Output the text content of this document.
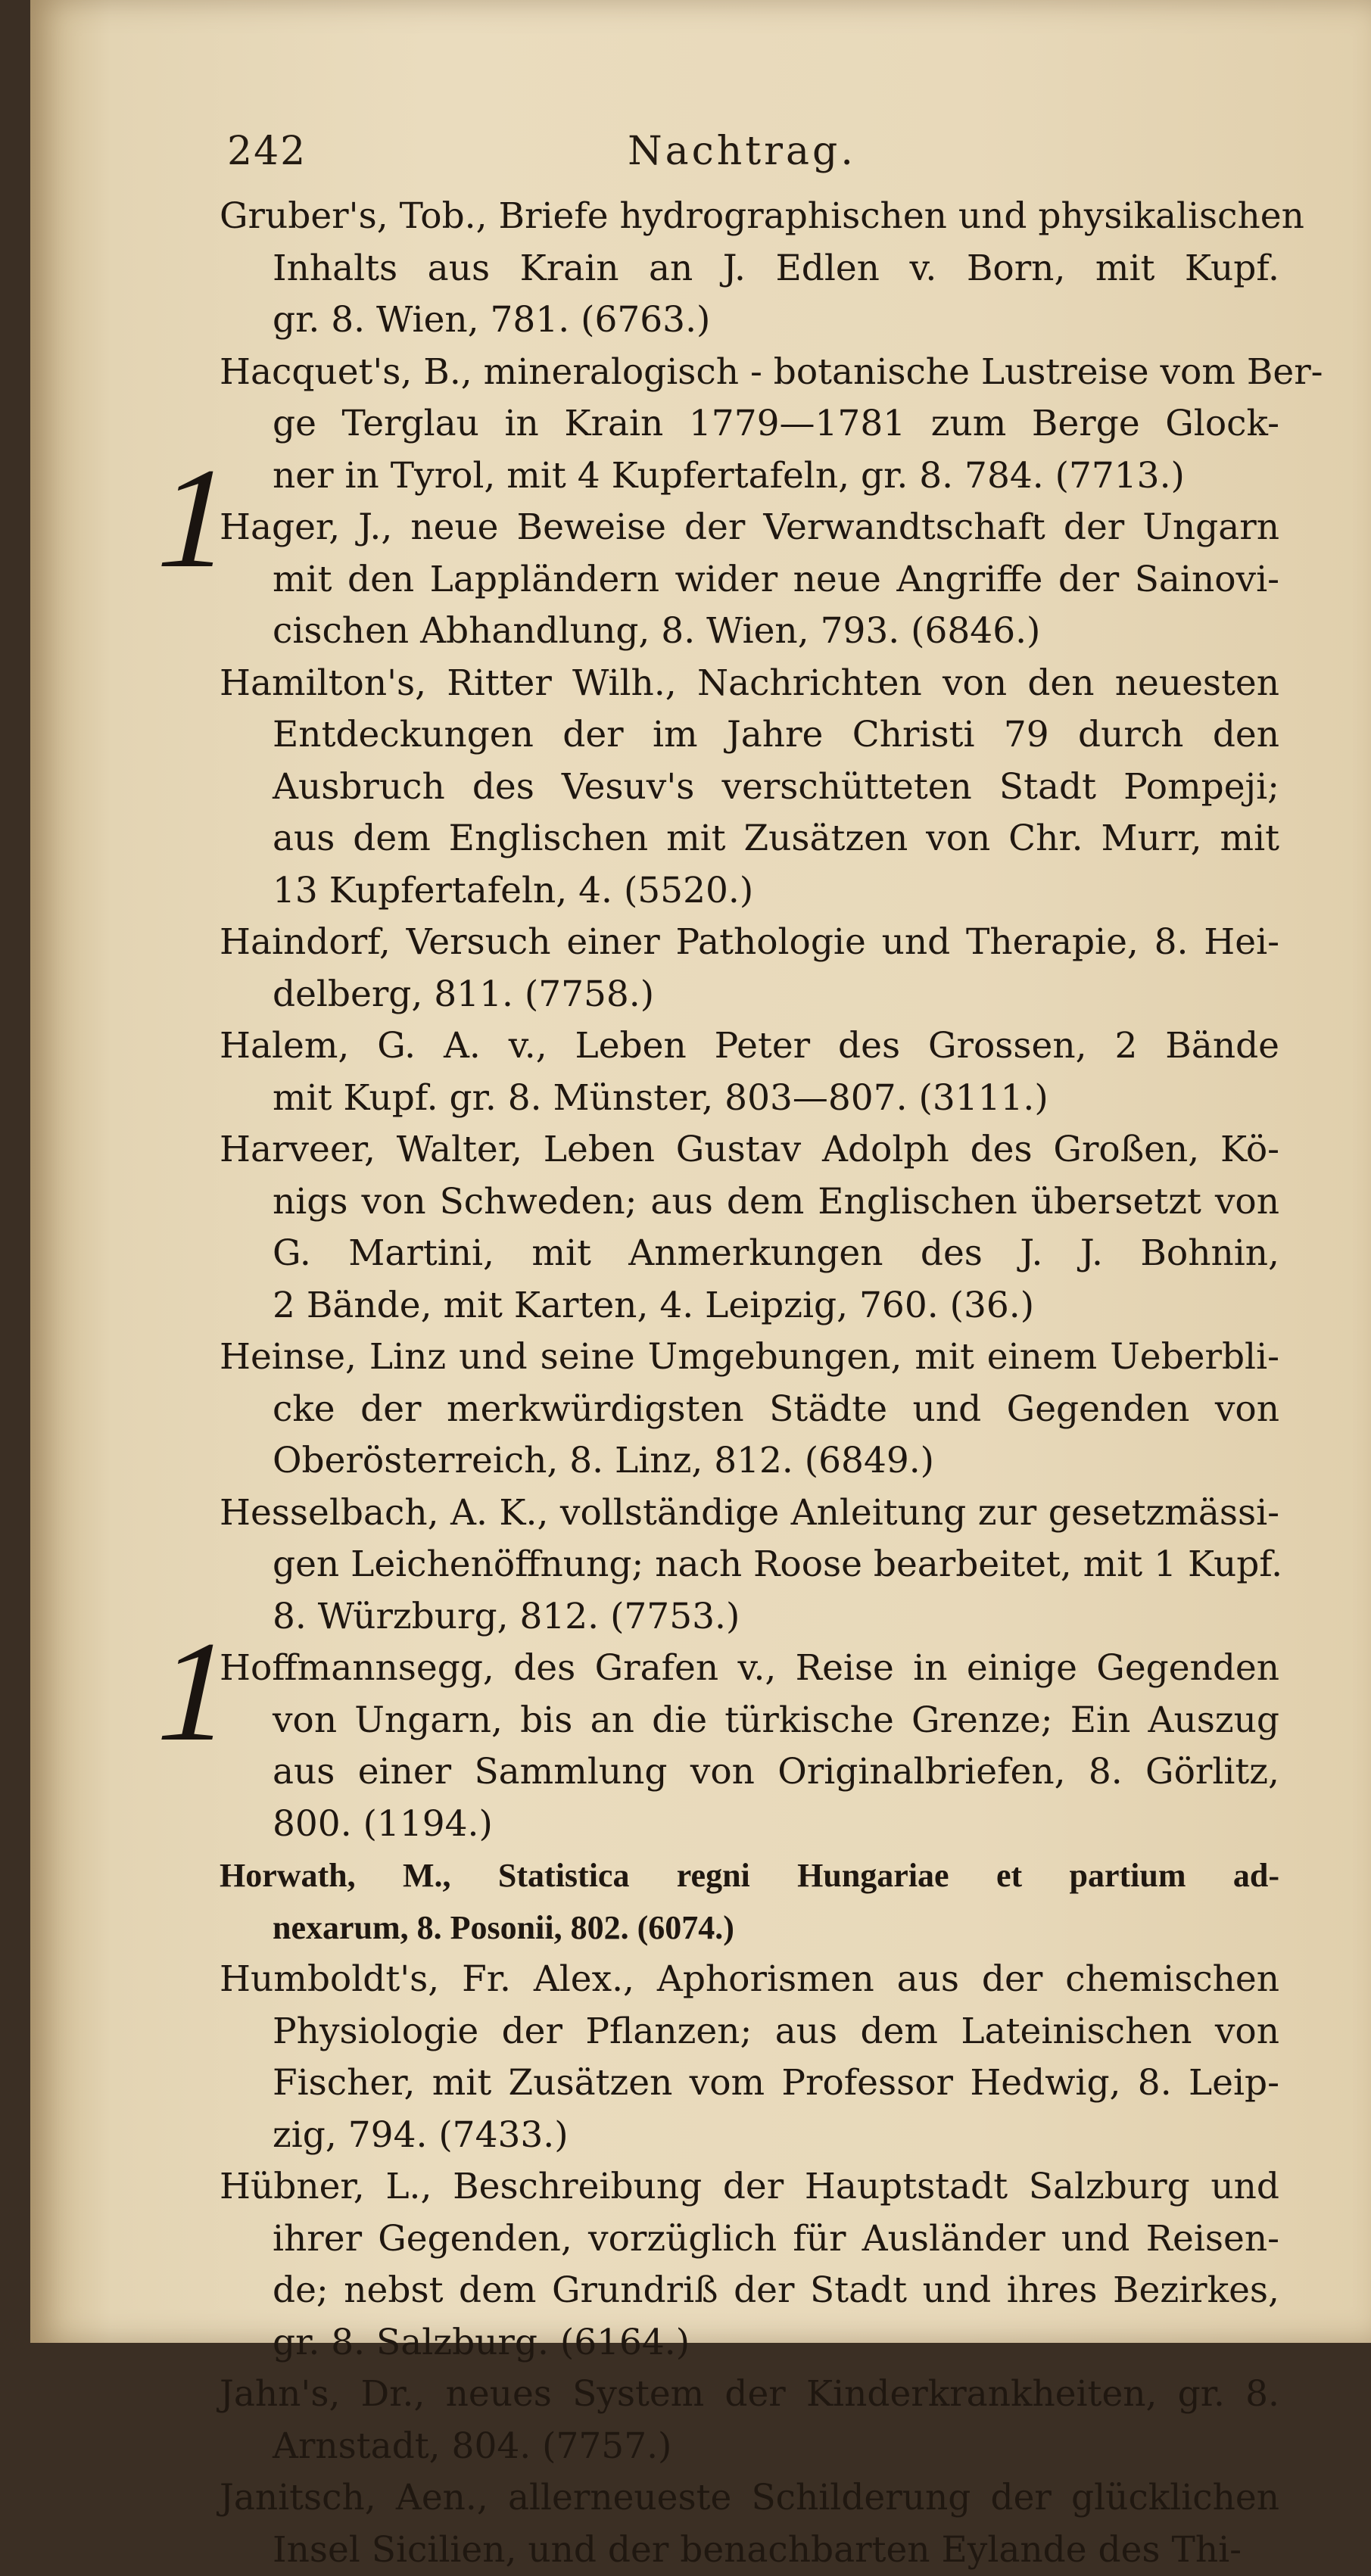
242	Nachtrag.
1
1
Gruber's, Tob., Briefe hydrographischen und physikalischen
Inhalts aus Krain an J. Edlen v. Born, mit Kupf.
gr. 8. Wien, 781. (6763.)
Hacquet's, B., mineralogisch - botanische Lustreise vom Ber-
ge Terglau in Krain 1779—1781 zum Berge Glock-
ner in Tyrol, mit 4 Kupfertafeln, gr. 8. 784. (7713.)
Hager, J., neue Beweise der Verwandtschaft der Ungarn
mit den Lappländern wider neue Angriffe der Sainovi-
cischen Abhandlung, 8. Wien, 793. (6846.)
Hamilton's, Ritter Wilh., Nachrichten von den neuesten
Entdeckungen der im Jahre Christi 79 durch den
Ausbruch des Vesuv's verschütteten Stadt Pompeji;
aus dem Englischen mit Zusätzen von Chr. Murr, mit
13 Kupfertafeln, 4. (5520.)
Haindorf, Versuch einer Pathologie und Therapie, 8. Hei-
delberg, 811. (7758.)
Halem, G. A. v., Leben Peter des Grossen, 2 Bände
mit Kupf. gr. 8. Münster, 803—807. (3111.)
Harveer, Walter, Leben Gustav Adolph des Großen, Kö-
nigs von Schweden; aus dem Englischen übersetzt von
G. Martini, mit Anmerkungen des J. J. Bohnin,
2 Bände, mit Karten, 4. Leipzig, 760. (36.)
Heinse, Linz und seine Umgebungen, mit einem Ueberbli-
cke der merkwürdigsten Städte und Gegenden von
Oberösterreich, 8. Linz, 812. (6849.)
Hesselbach, A. K., vollständige Anleitung zur gesetzmässi-
gen Leichenöffnung; nach Roose bearbeitet, mit 1 Kupf.
8. Würzburg, 812. (7753.)
Hoffmannsegg, des Grafen v., Reise in einige Gegenden
von Ungarn, bis an die türkische Grenze; Ein Auszug
aus einer Sammlung von Originalbriefen, 8. Görlitz,
800. (1194.)
Horwath, M., Statistica regni Hungariae et partium ad-
nexarum, 8. Posonii, 802. (6074.)
Humboldt's, Fr. Alex., Aphorismen aus der chemischen
Physiologie der Pflanzen; aus dem Lateinischen von
Fischer, mit Zusätzen vom Professor Hedwig, 8. Leip-
zig, 794. (7433.)
Hübner, L., Beschreibung der Hauptstadt Salzburg und
ihrer Gegenden, vorzüglich für Ausländer und Reisen-
de; nebst dem Grundriß der Stadt und ihres Bezirkes,
gr. 8. Salzburg. (6164.)
Jahn's, Dr., neues System der Kinderkrankheiten, gr. 8.
Arnstadt, 804. (7757.)
Janitsch, Aen., allerneueste Schilderung der glücklichen
Insel Sicilien, und der benachbarten Eylande des Thi-
